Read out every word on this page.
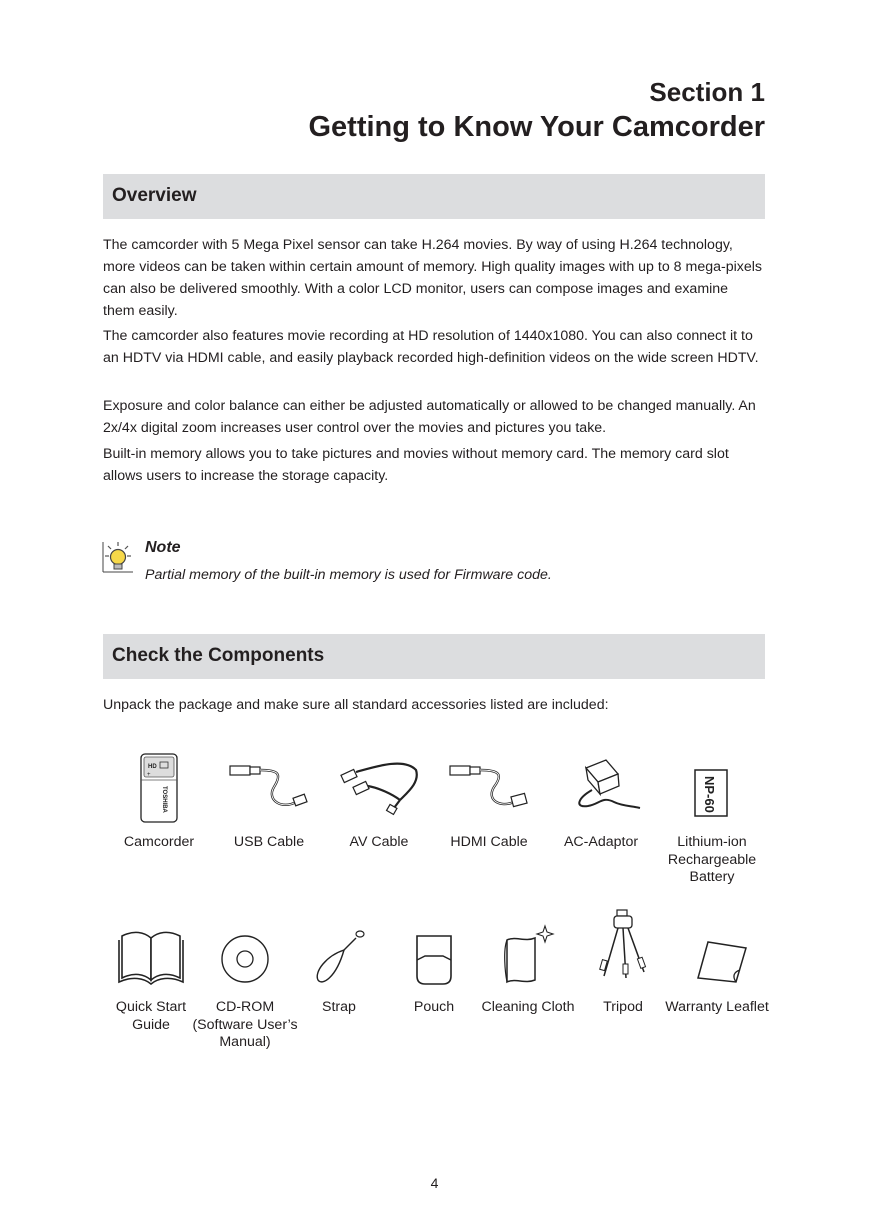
Section 1
Getting to Know Your Camcorder
Overview

The camcorder with 5 Mega Pixel sensor can take H.264 movies. By way of using H.264 technology, more videos can be taken within certain amount of memory. High quality images with up to 8 mega-pixels can also be delivered smoothly. With a color LCD monitor, users can compose images and examine them easily.

The camcorder also features movie recording at HD resolution of 1440x1080. You can also connect it to an HDTV via HDMI cable, and easily playback recorded high-definition videos on the wide screen HDTV.

Exposure and color balance can either be adjusted automatically or allowed to be changed manually. An 2x/4x digital zoom increases user control over the movies and pictures you take.

Built-in memory allows you to take pictures and movies without memory card. The memory card slot allows users to increase the storage capacity.

Note
Partial memory of the built-in memory is used for Firmware code.
Check the Components

Unpack the package and make sure all standard accessories listed are included:

HD
+
TOSHIBA
Camcorder	USB Cable	AV Cable	HDMI Cable	AC-Adaptor
NP-60
Lithium-ion Rechargeable Battery
Quick Start Guide
CD-ROM (Software User’s Manual)
Strap	Pouch	Cleaning Cloth	Tripod	Warranty Leaflet
4
